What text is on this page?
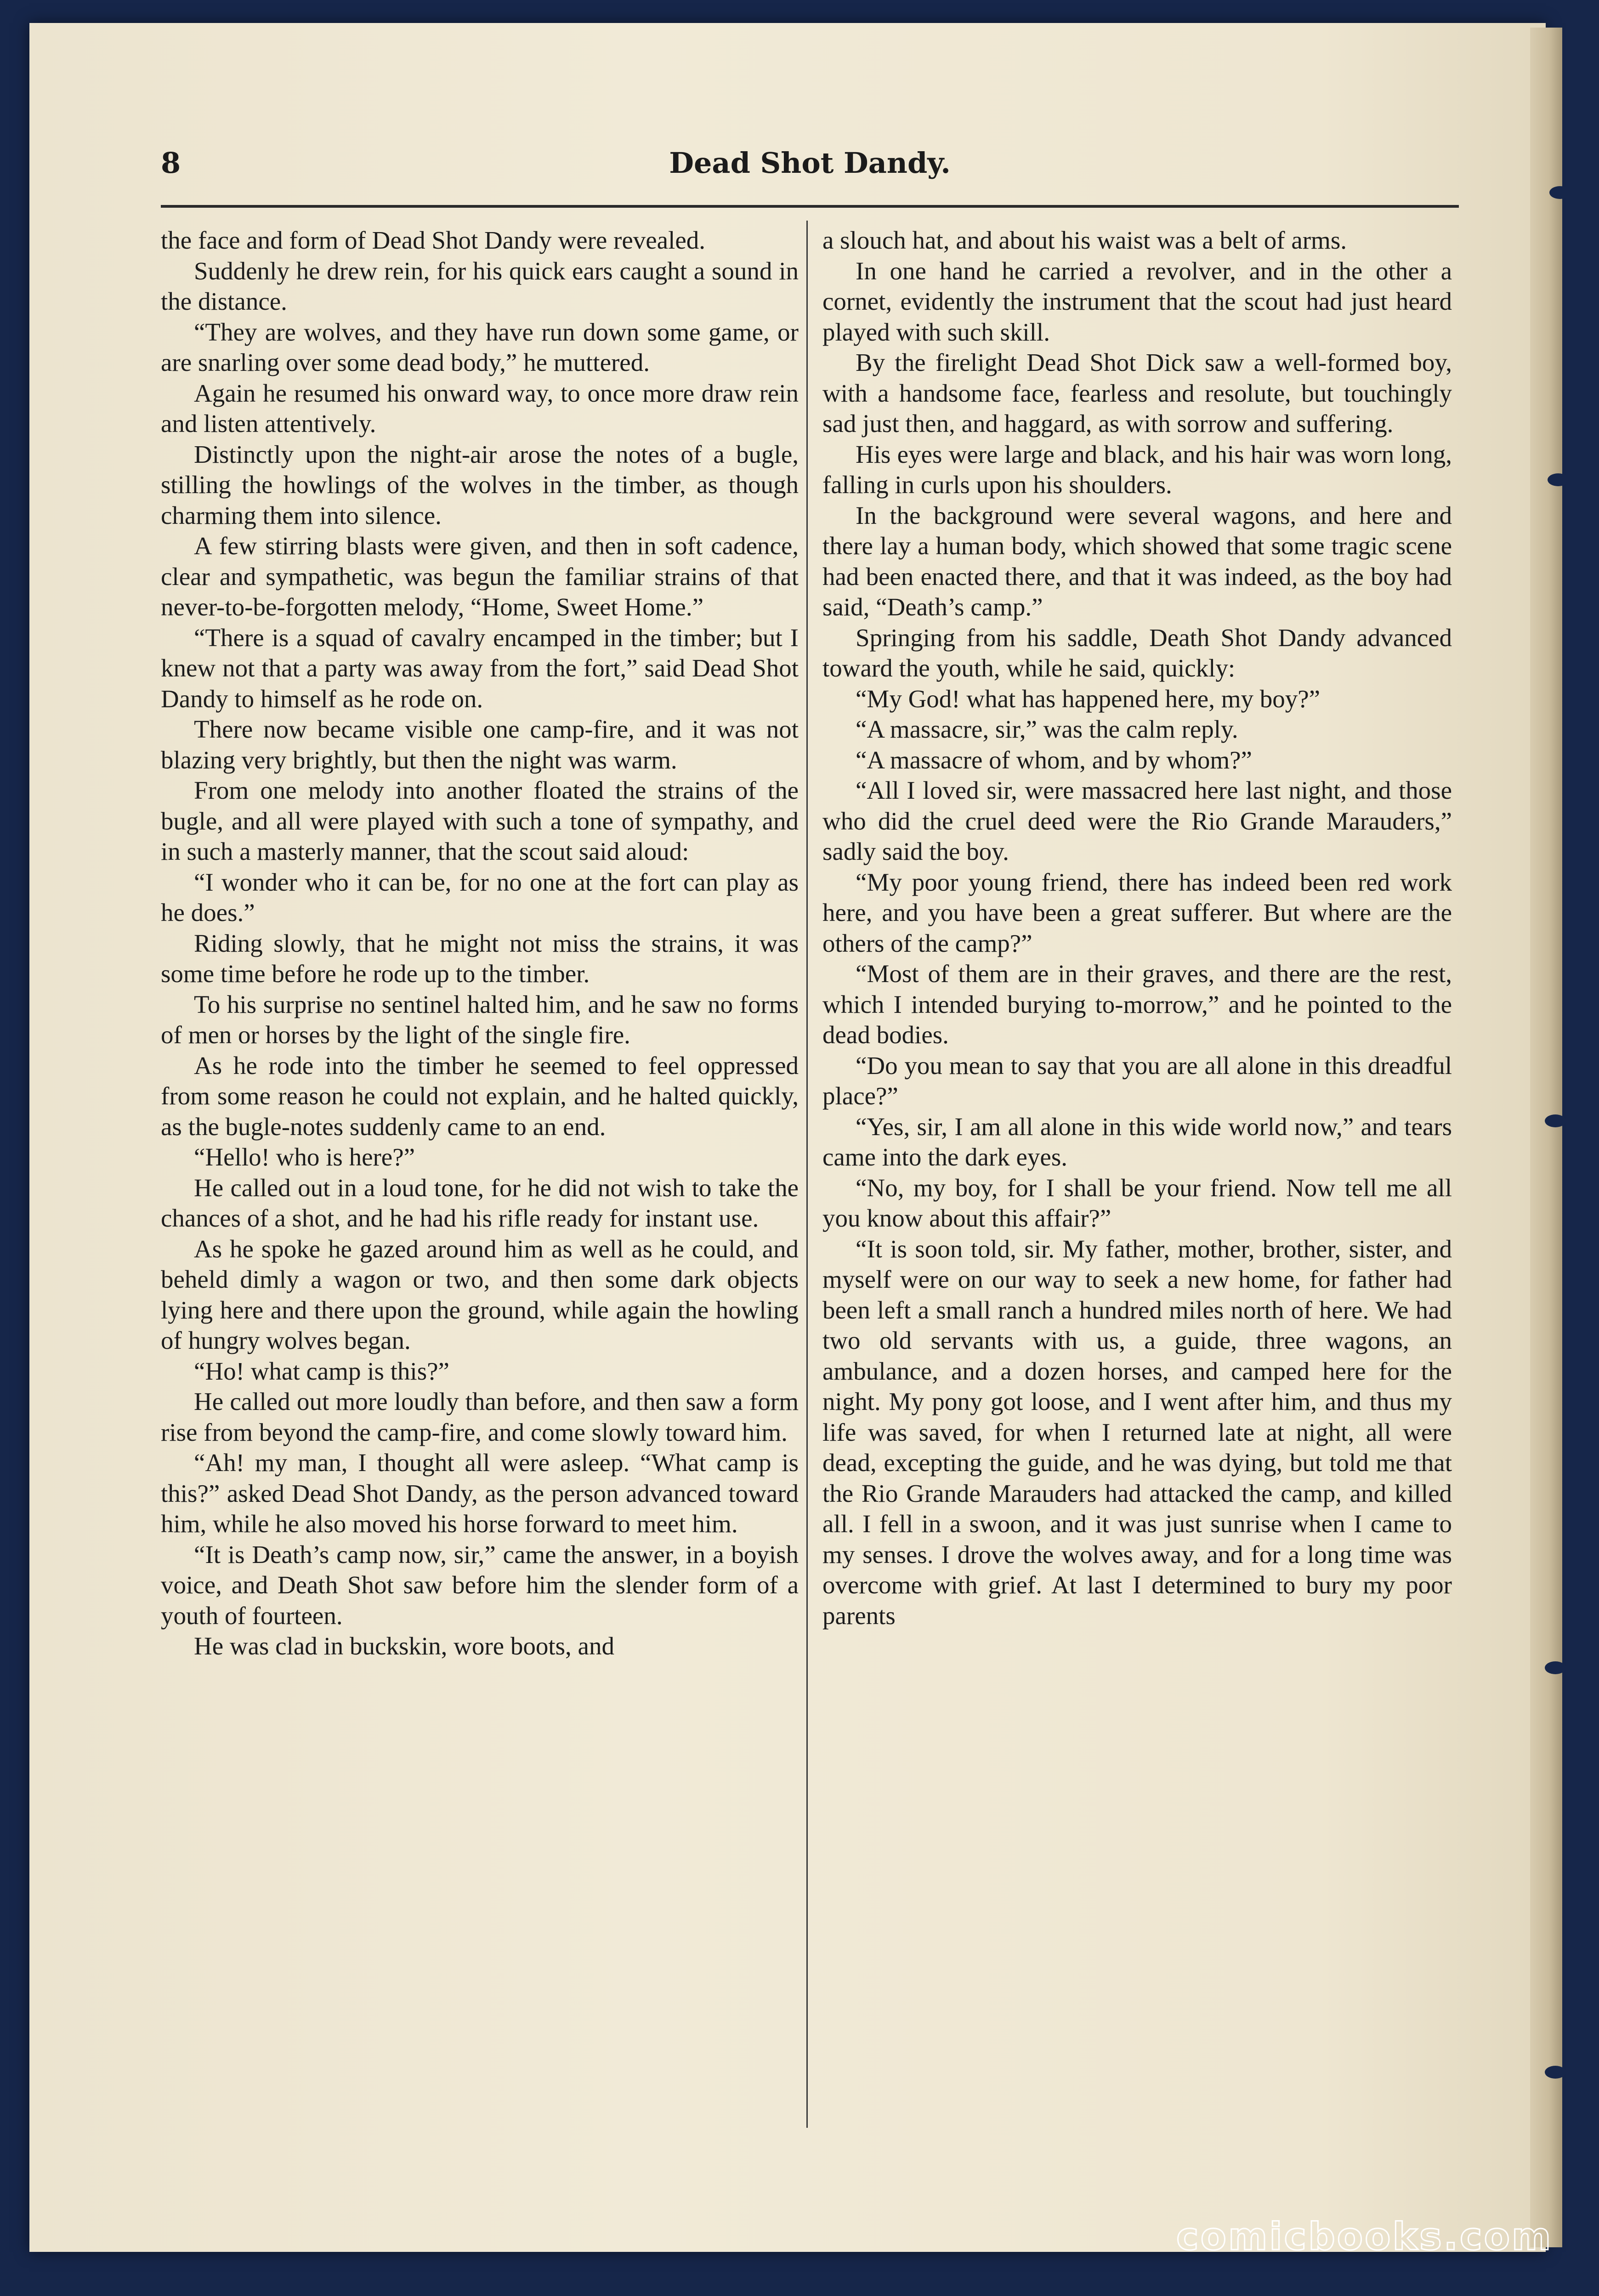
8	Dead Shot Dandy.

the face and form of Dead Shot Dandy were revealed.

Suddenly he drew rein, for his quick ears caught a sound in the distance.

“They are wolves, and they have run down some game, or are snarling over some dead body,” he muttered.

Again he resumed his onward way, to once more draw rein and listen attentively.

Distinctly upon the night-air arose the notes of a bugle, stilling the howlings of the wolves in the timber, as though charming them into silence.

A few stirring blasts were given, and then in soft cadence, clear and sympathetic, was begun the familiar strains of that never-to-be-forgotten melody, “Home, Sweet Home.”

“There is a squad of cavalry encamped in the timber; but I knew not that a party was away from the fort,” said Dead Shot Dandy to himself as he rode on.

There now became visible one camp-fire, and it was not blazing very brightly, but then the night was warm.

From one melody into another floated the strains of the bugle, and all were played with such a tone of sympathy, and in such a masterly manner, that the scout said aloud:

“I wonder who it can be, for no one at the fort can play as he does.”

Riding slowly, that he might not miss the strains, it was some time before he rode up to the timber.

To his surprise no sentinel halted him, and he saw no forms of men or horses by the light of the single fire.

As he rode into the timber he seemed to feel oppressed from some reason he could not explain, and he halted quickly, as the bugle-notes suddenly came to an end.

“Hello! who is here?”

He called out in a loud tone, for he did not wish to take the chances of a shot, and he had his rifle ready for instant use.

As he spoke he gazed around him as well as he could, and beheld dimly a wagon or two, and then some dark objects lying here and there upon the ground, while again the howling of hungry wolves began.

“Ho! what camp is this?”

He called out more loudly than before, and then saw a form rise from beyond the camp-fire, and come slowly toward him.

“Ah! my man, I thought all were asleep. “What camp is this?” asked Dead Shot Dandy, as the person advanced toward him, while he also moved his horse forward to meet him.

“It is Death’s camp now, sir,” came the answer, in a boyish voice, and Death Shot saw before him the slender form of a youth of fourteen.

He was clad in buckskin, wore boots, and

a slouch hat, and about his waist was a belt of arms.

In one hand he carried a revolver, and in the other a cornet, evidently the instrument that the scout had just heard played with such skill.

By the firelight Dead Shot Dick saw a well-formed boy, with a handsome face, fearless and resolute, but touchingly sad just then, and haggard, as with sorrow and suffering.

His eyes were large and black, and his hair was worn long, falling in curls upon his shoulders.

In the background were several wagons, and here and there lay a human body, which showed that some tragic scene had been enacted there, and that it was indeed, as the boy had said, “Death’s camp.”

Springing from his saddle, Death Shot Dandy advanced toward the youth, while he said, quickly:

“My God! what has happened here, my boy?”

“A massacre, sir,” was the calm reply.

“A massacre of whom, and by whom?”

“All I loved sir, were massacred here last night, and those who did the cruel deed were the Rio Grande Marauders,” sadly said the boy.

“My poor young friend, there has indeed been red work here, and you have been a great sufferer. But where are the others of the camp?”

“Most of them are in their graves, and there are the rest, which I intended burying to-morrow,” and he pointed to the dead bodies.

“Do you mean to say that you are all alone in this dreadful place?”

“Yes, sir, I am all alone in this wide world now,” and tears came into the dark eyes.

“No, my boy, for I shall be your friend. Now tell me all you know about this affair?”

“It is soon told, sir. My father, mother, brother, sister, and myself were on our way to seek a new home, for father had been left a small ranch a hundred miles north of here. We had two old servants with us, a guide, three wagons, an ambulance, and a dozen horses, and camped here for the night. My pony got loose, and I went after him, and thus my life was saved, for when I returned late at night, all were dead, excepting the guide, and he was dying, but told me that the Rio Grande Marauders had attacked the camp, and killed all. I fell in a swoon, and it was just sunrise when I came to my senses. I drove the wolves away, and for a long time was overcome with grief. At last I determined to bury my poor parents

comicbooks.com
